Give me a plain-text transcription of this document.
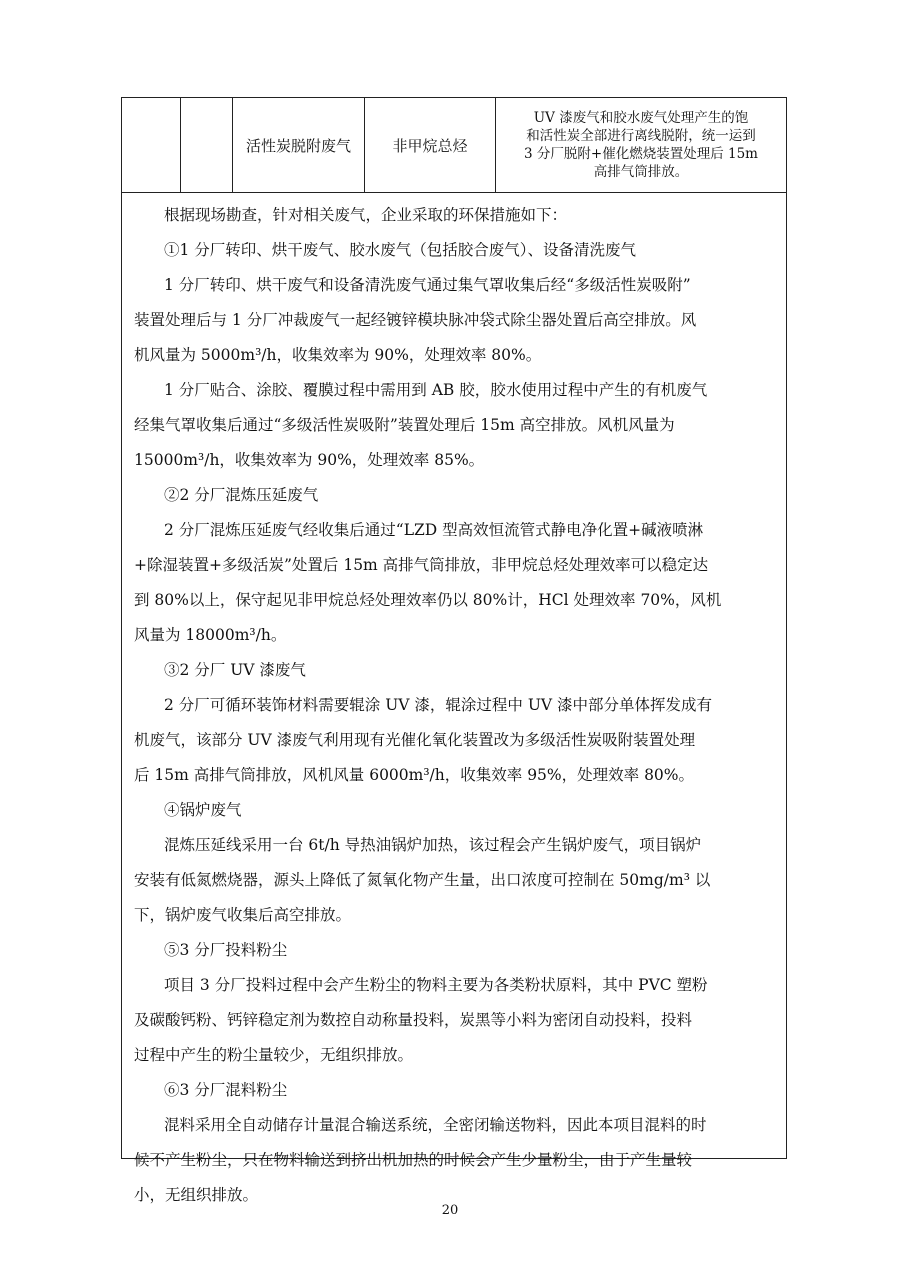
活性炭脱附废气	非甲烷总烃
UV 漆废气和胶水废气处理产生的饱
和活性炭全部进行离线脱附，统一运到
3 分厂脱附+催化燃烧装置处理后 15m
高排气筒排放。
根据现场勘查，针对相关废气，企业采取的环保措施如下：
①1 分厂转印、烘干废气、胶水废气（包括胶合废气）、设备清洗废气
1 分厂转印、烘干废气和设备清洗废气通过集气罩收集后经“多级活性炭吸附”
装置处理后与 1 分厂冲裁废气一起经镀锌模块脉冲袋式除尘器处置后高空排放。风
机风量为 5000m³/h，收集效率为 90%，处理效率 80%。
1 分厂贴合、涂胶、覆膜过程中需用到 AB 胶，胶水使用过程中产生的有机废气
经集气罩收集后通过“多级活性炭吸附”装置处理后 15m 高空排放。风机风量为
15000m³/h，收集效率为 90%，处理效率 85%。
②2 分厂混炼压延废气
2 分厂混炼压延废气经收集后通过“LZD 型高效恒流管式静电净化置+碱液喷淋
+除湿装置+多级活炭”处置后 15m 高排气筒排放，非甲烷总烃处理效率可以稳定达
到 80%以上，保守起见非甲烷总烃处理效率仍以 80%计，HCl 处理效率 70%，风机
风量为 18000m³/h。
③2 分厂 UV 漆废气
2 分厂可循环装饰材料需要辊涂 UV 漆，辊涂过程中 UV 漆中部分单体挥发成有
机废气，该部分 UV 漆废气利用现有光催化氧化装置改为多级活性炭吸附装置处理
后 15m 高排气筒排放，风机风量 6000m³/h，收集效率 95%，处理效率 80%。
④锅炉废气
混炼压延线采用一台 6t/h 导热油锅炉加热，该过程会产生锅炉废气，项目锅炉
安装有低氮燃烧器，源头上降低了氮氧化物产生量，出口浓度可控制在 50mg/m³ 以
下，锅炉废气收集后高空排放。
⑤3 分厂投料粉尘
项目 3 分厂投料过程中会产生粉尘的物料主要为各类粉状原料，其中 PVC 塑粉
及碳酸钙粉、钙锌稳定剂为数控自动称量投料，炭黑等小料为密闭自动投料，投料
过程中产生的粉尘量较少，无组织排放。
⑥3 分厂混料粉尘
混料采用全自动储存计量混合输送系统，全密闭输送物料，因此本项目混料的时
候不产生粉尘，只在物料输送到挤出机加热的时候会产生少量粉尘，由于产生量较
小，无组织排放。
20
